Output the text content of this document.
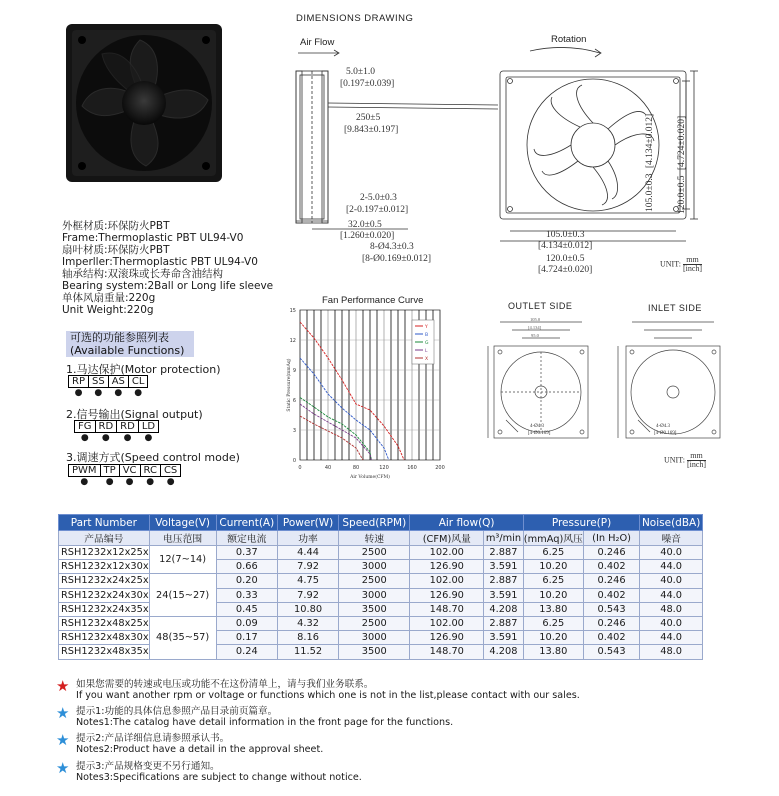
DIMENSIONS DRAWING
Air Flow	Rotation
5.0±1.0
[0.197±0.039]
250±5
[9.843±0.197]
2-5.0±0.3
[2-0.197±0.012]
32.0±0.5
[1.260±0.020]
8-Ø4.3±0.3
[8-Ø0.169±0.012]
105.0±0.3
[4.134±0.012]
120.0±0.5
[4.724±0.020]
105.0±0.3 [4.134±0.012]
120.0±0.5 [4.724±0.020]
UNIT: mm
[inch]
外框材质:环保防火PBT
Frame:Thermoplastic PBT UL94-V0
扇叶材质:环保防火PBT
Imperller:Thermoplastic PBT UL94-V0
轴承结构:双滚珠或长寿命含油结构
Bearing system:2Ball or Long life sleeve
单体风扇重量:220g
Unit Weight:220g
可选的功能参照列表
(Available Functions)
1.马达保护(Motor protection)
RP	SS	AS	CL
●	●	●	●
2.信号输出(Signal output)
FG	RD	$\overline{RD}$	LD
●	●	●	●
3.调速方式(Speed control mode)
PWM	TP	VC	RC	CS
●	●	●	●	●
Fan Performance Curve
0	40	80	120	160	200
0
3
6
9
12
15
Air Volume(CFM)
Static Pressure(mmAq)
Y
B
G
L
X
OUTLET SIDE	INLET SIDE
105.0
[4.134]
95.0
4-Ø4.3
[4-Ø0.169]
4-Ø4.3
[4-Ø0.169]
UNIT: mm
[inch]
Part Number	Voltage(V)	Current(A)	Power(W)	Speed(RPM)	Air flow(Q)		Pressure(P)		Noise(dBA)
产品编号	电压范围	额定电流	功率	转速	(CFM)风量	m³/min	(mmAq)风压	(In H₂O)	噪音
RSH1232x12x25x	12(7~14)	0.37	4.44	2500	102.00	2.887	6.25	0.246	40.0
RSH1232x12x30x		0.66	7.92	3000	126.90	3.591	10.20	0.402	44.0
RSH1232x24x25x	24(15~27)	0.20	4.75	2500	102.00	2.887	6.25	0.246	40.0
RSH1232x24x30x		0.33	7.92	3000	126.90	3.591	10.20	0.402	44.0
RSH1232x24x35x		0.45	10.80	3500	148.70	4.208	13.80	0.543	48.0
RSH1232x48x25x	48(35~57)	0.09	4.32	2500	102.00	2.887	6.25	0.246	40.0
RSH1232x48x30x		0.17	8.16	3000	126.90	3.591	10.20	0.402	44.0
RSH1232x48x35x		0.24	11.52	3500	148.70	4.208	13.80	0.543	48.0
★ 如果您需要的转速或电压或功能不在这份清单上，请与我们业务联系。
If you want another rpm or voltage or functions which one is not in the list,please contact with our sales.
★ 提示1:功能的具体信息参照产品目录前页篇章。
Notes1:The catalog have detail information in the front page for the functions.
★ 提示2:产品详细信息请参照承认书。
Notes2:Product have a detail in the approval sheet.
★ 提示3:产品规格变更不另行通知。
Notes3:Specifications are subject to change without notice.
